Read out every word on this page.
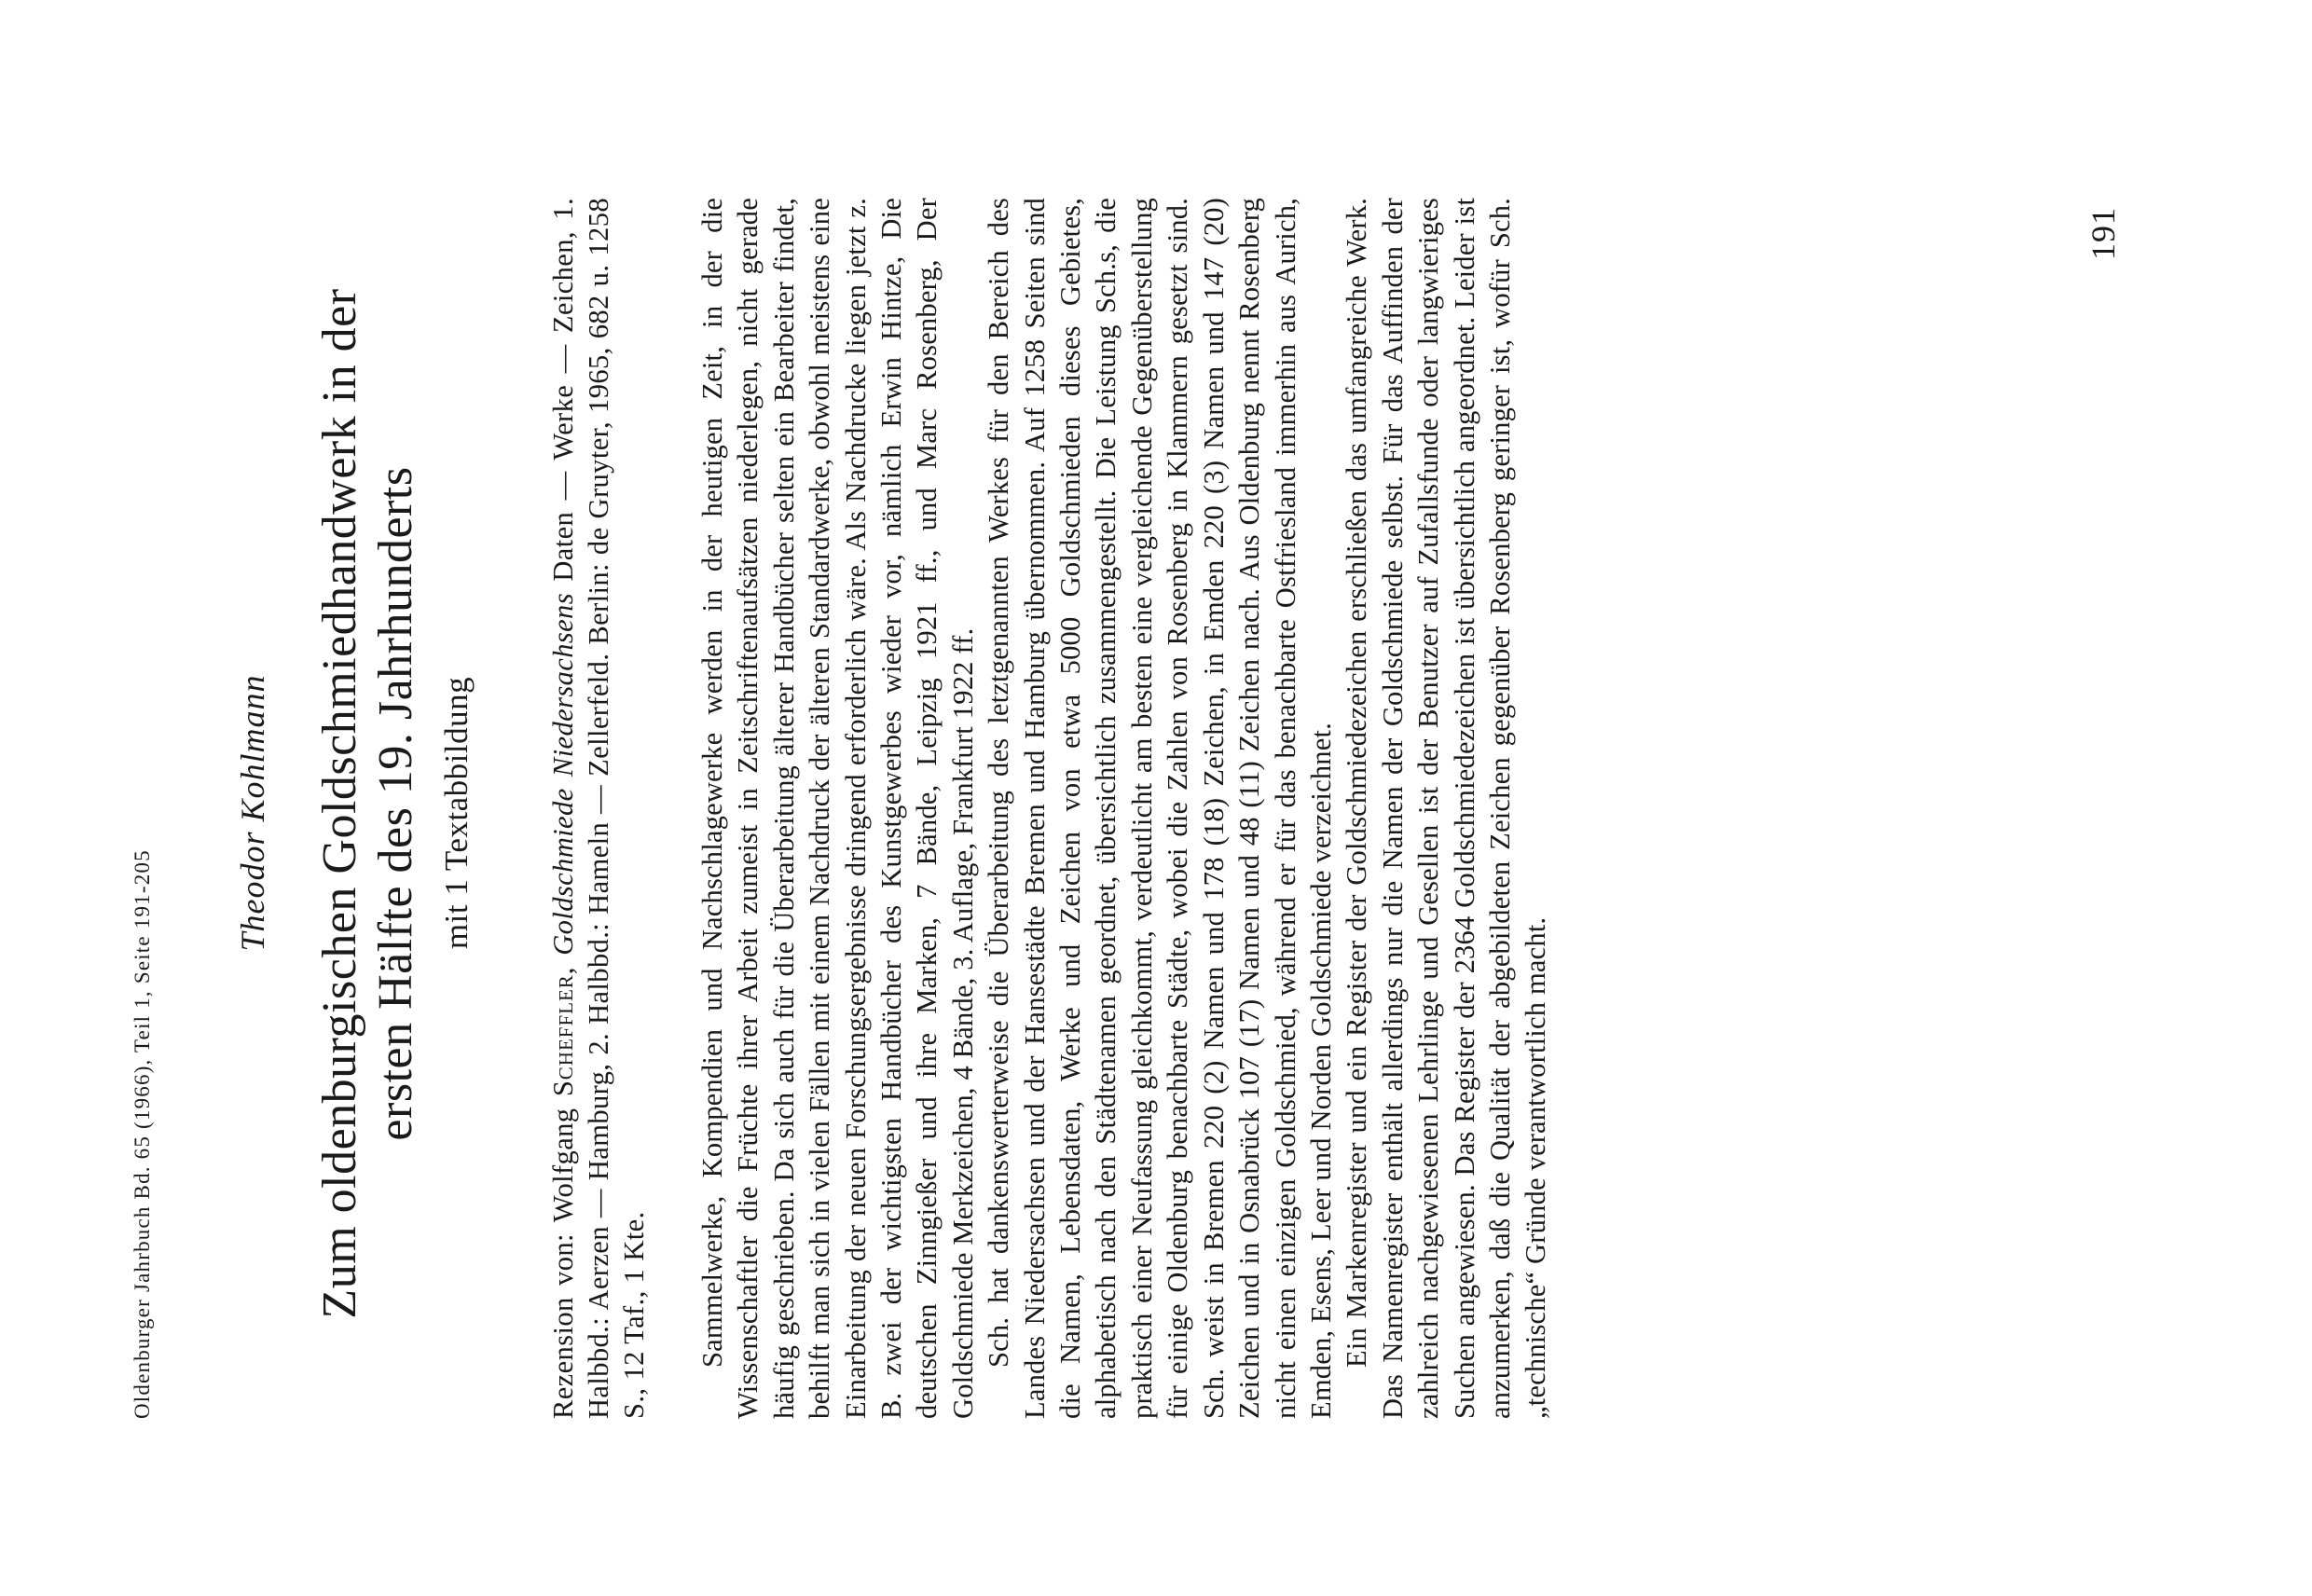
Oldenburger Jahrbuch Bd. 65 (1966), Teil 1, Seite 191-205
Theodor Kohlmann Zum oldenburgischen Goldschmiedhandwerk in der ersten Hälfte des 19. Jahrhunderts mit 1 Textabbildung
Rezension von: Wolfgang Scheffler, Goldschmiede Niedersachsens Daten — Werke — Zeichen, 1. Halbbd.: Aerzen — Hamburg, 2. Halbbd.: Hameln — Zellerfeld. Berlin: de Gruyter, 1965, 682 u. 1258 S., 12 Taf., 1 Kte. Sammelwerke, Kompendien und Nachschlagewerke werden in der heutigen Zeit, in der die Wissenschaftler die Früchte ihrer Arbeit zumeist in Zeitschriftenaufsätzen niederlegen, nicht gerade häufig geschrieben. Da sich auch für die Überarbeitung älterer Handbücher selten ein Bearbeiter findet, behilft man sich in vielen Fällen mit einem Nachdruck der älteren Standardwerke, obwohl meistens eine Einarbeitung der neuen Forschungsergebnisse dringend erforderlich wäre. Als Nachdrucke liegen jetzt z. B. zwei der wichtigsten Handbücher des Kunstgewerbes wieder vor, nämlich Erwin Hintze, Die deutschen Zinngießer und ihre Marken, 7 Bände, Leipzig 1921 ff., und Marc Rosenberg, Der Goldschmiede Merkzeichen, 4 Bände, 3. Auflage, Frankfurt 1922 ff. Sch. hat dankenswerterweise die Überarbeitung des letztgenannten Werkes für den Bereich des Landes Niedersachsen und der Hansestädte Bremen und Hamburg übernommen. Auf 1258 Seiten sind die Namen, Lebensdaten, Werke und Zeichen von etwa 5000 Goldschmieden dieses Gebietes, alphabetisch nach den Städtenamen geordnet, übersichtlich zusammengestellt. Die Leistung Sch.s, die praktisch einer Neufassung gleichkommt, verdeutlicht am besten eine vergleichende Gegenüberstellung für einige Oldenburg benachbarte Städte, wobei die Zahlen von Rosenberg in Klammern gesetzt sind. Sch. weist in Bremen 220 (2) Namen und 178 (18) Zeichen, in Emden 220 (3) Namen und 147 (20) Zeichen und in Osnabrück 107 (17) Namen und 48 (11) Zeichen nach. Aus Oldenburg nennt Rosenberg nicht einen einzigen Goldschmied, während er für das benachbarte Ostfriesland immerhin aus Aurich, Emden, Esens, Leer und Norden Goldschmiede verzeichnet. Ein Markenregister und ein Register der Goldschmiedezeichen erschließen das umfangreiche Werk. Das Namenregister enthält allerdings nur die Namen der Goldschmiede selbst. Für das Auffinden der zahlreich nachgewiesenen Lehrlinge und Gesellen ist der Benutzer auf Zufallsfunde oder langwieriges Suchen angewiesen. Das Register der 2364 Goldschmiedezeichen ist übersichtlich angeordnet. Leider ist anzumerken, daß die Qualität der abgebildeten Zeichen gegenüber Rosenberg geringer ist, wofür Sch. „technische“ Gründe verantwortlich macht.

191
